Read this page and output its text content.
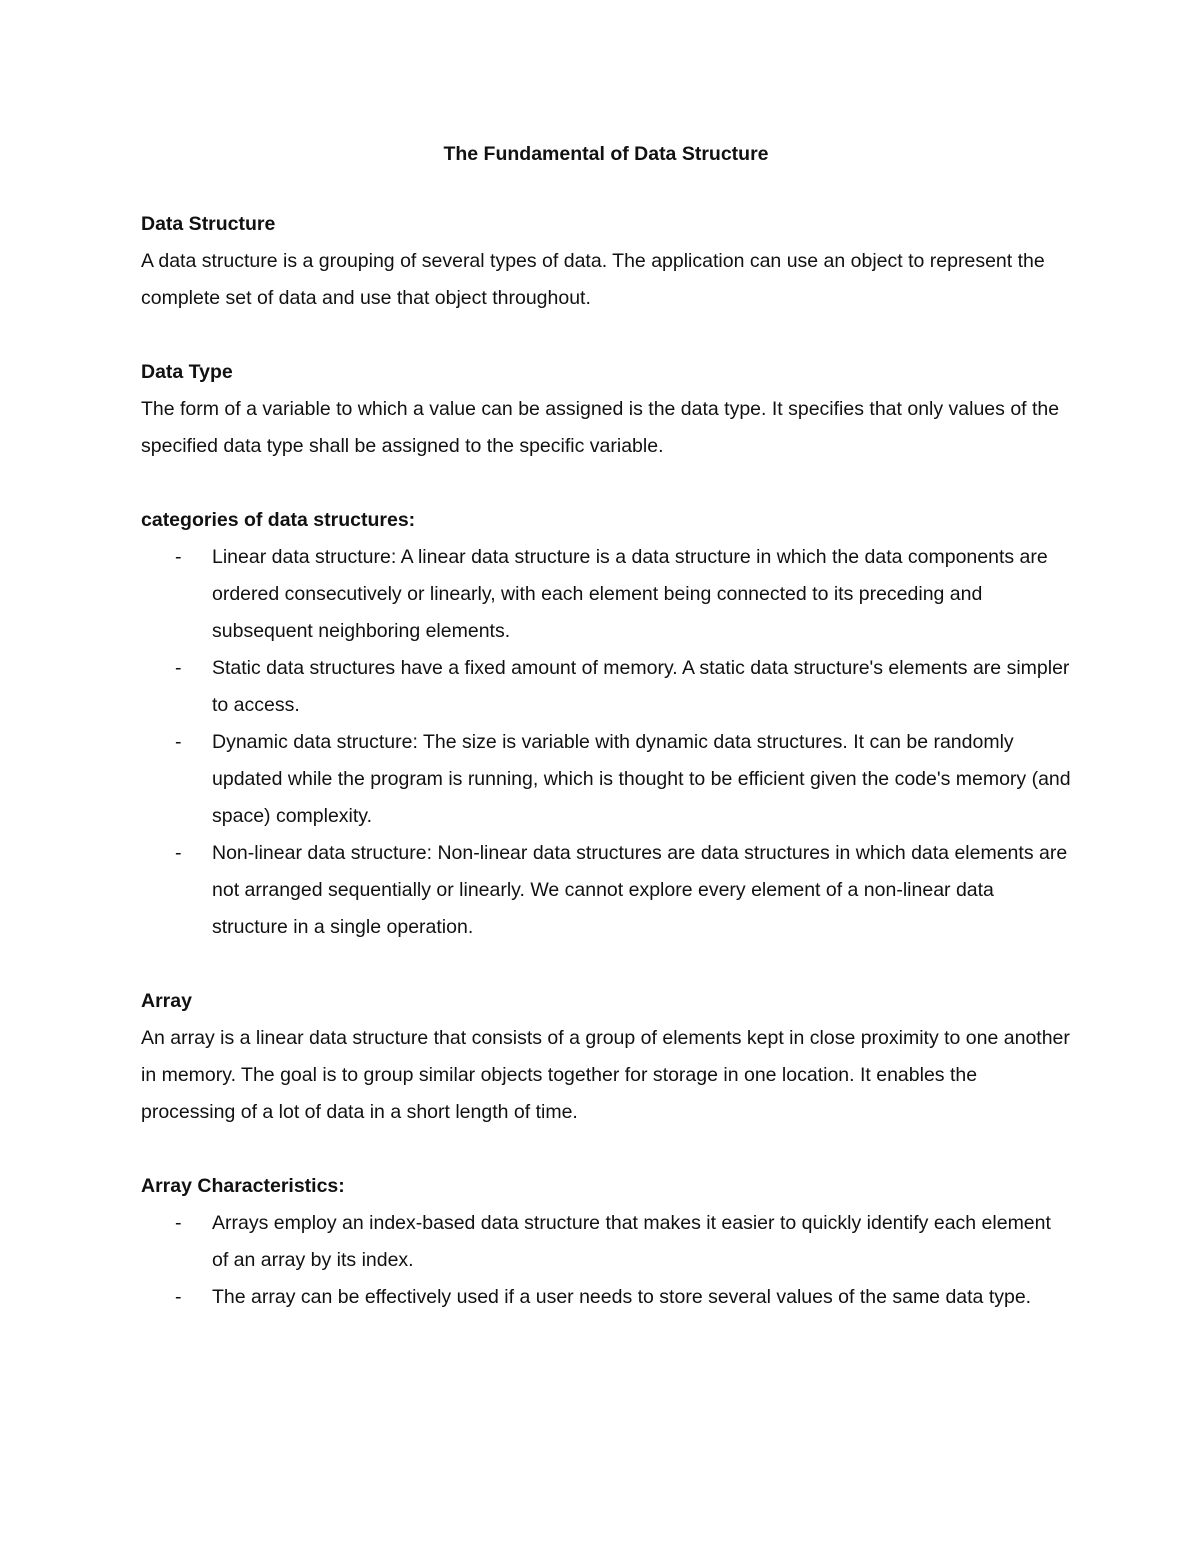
The Fundamental of Data Structure

Data Structure

A data structure is a grouping of several types of data. The application can use an object to represent the complete set of data and use that object throughout.

Data Type

The form of a variable to which a value can be assigned is the data type. It specifies that only values of the specified data type shall be assigned to the specific variable.

categories of data structures:

- Linear data structure: A linear data structure is a data structure in which the data components are ordered consecutively or linearly, with each element being connected to its preceding and subsequent neighboring elements.
- Static data structures have a fixed amount of memory. A static data structure's elements are simpler to access.
- Dynamic data structure: The size is variable with dynamic data structures. It can be randomly updated while the program is running, which is thought to be efficient given the code's memory (and space) complexity.
- Non-linear data structure: Non-linear data structures are data structures in which data elements are not arranged sequentially or linearly. We cannot explore every element of a non-linear data structure in a single operation.

Array

An array is a linear data structure that consists of a group of elements kept in close proximity to one another in memory. The goal is to group similar objects together for storage in one location. It enables the processing of a lot of data in a short length of time.

Array Characteristics:

- Arrays employ an index-based data structure that makes it easier to quickly identify each element of an array by its index.
- The array can be effectively used if a user needs to store several values of the same data type.
